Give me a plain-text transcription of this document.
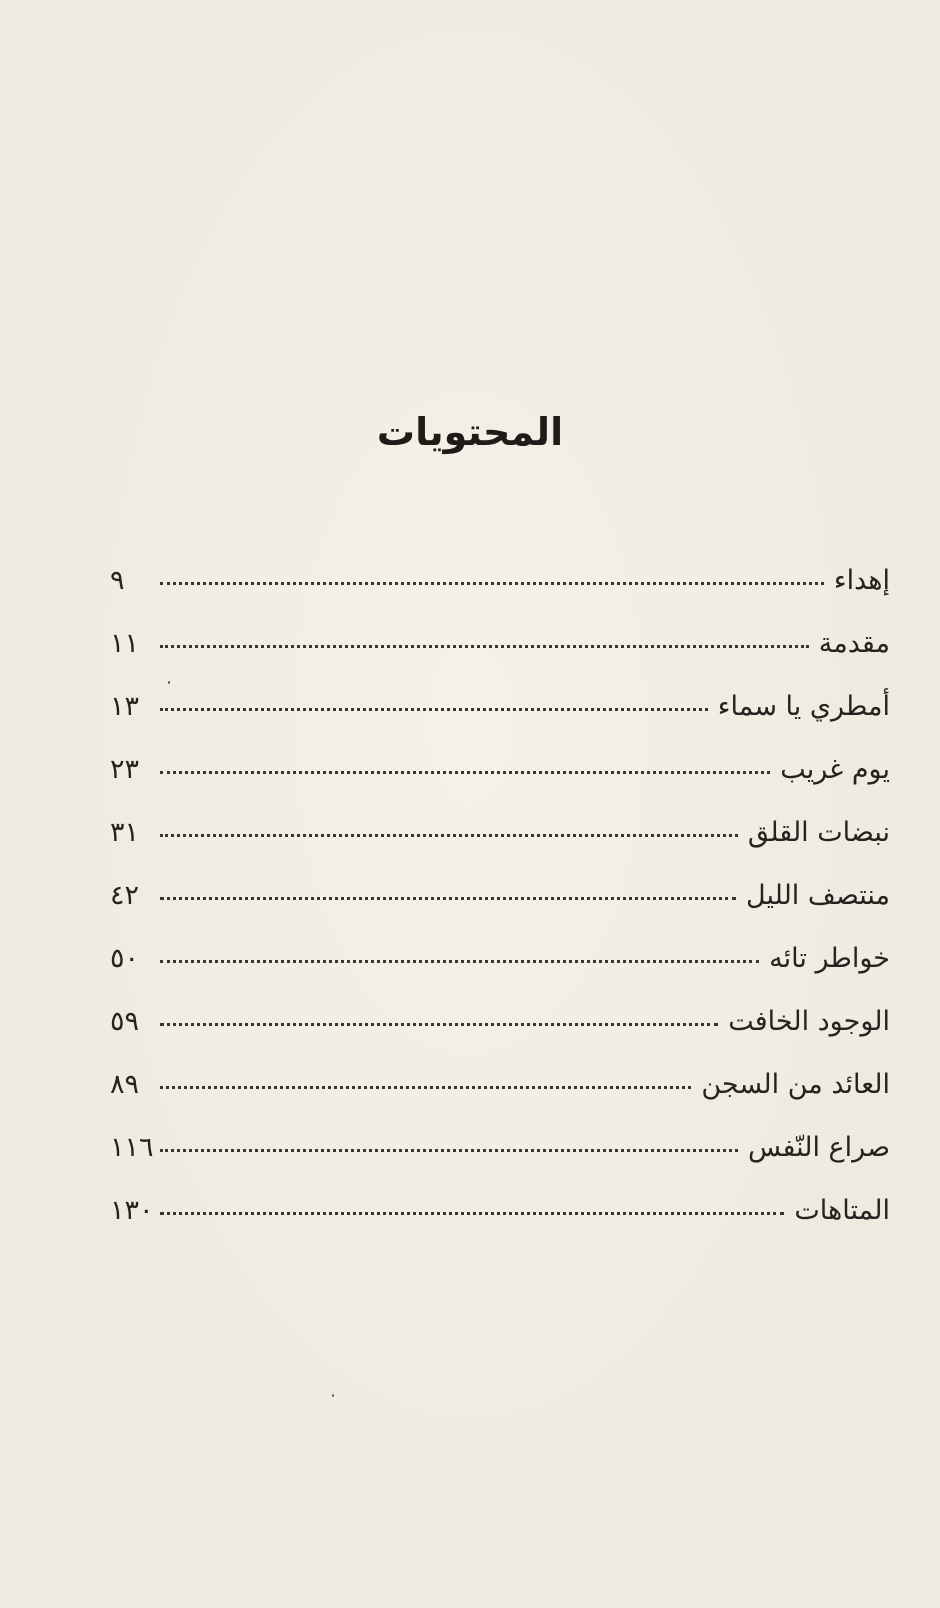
المحتويات
إهداء
٩
مقدمة
١١
أمطري يا سماء
١٣
يوم غريب
٢٣
نبضات القلق
٣١
منتصف الليل
٤٢
خواطر تائه
٥٠
الوجود الخافت
٥٩
العائد من السجن
٨٩
صراع النّفس
١١٦
المتاهات
١٣٠
